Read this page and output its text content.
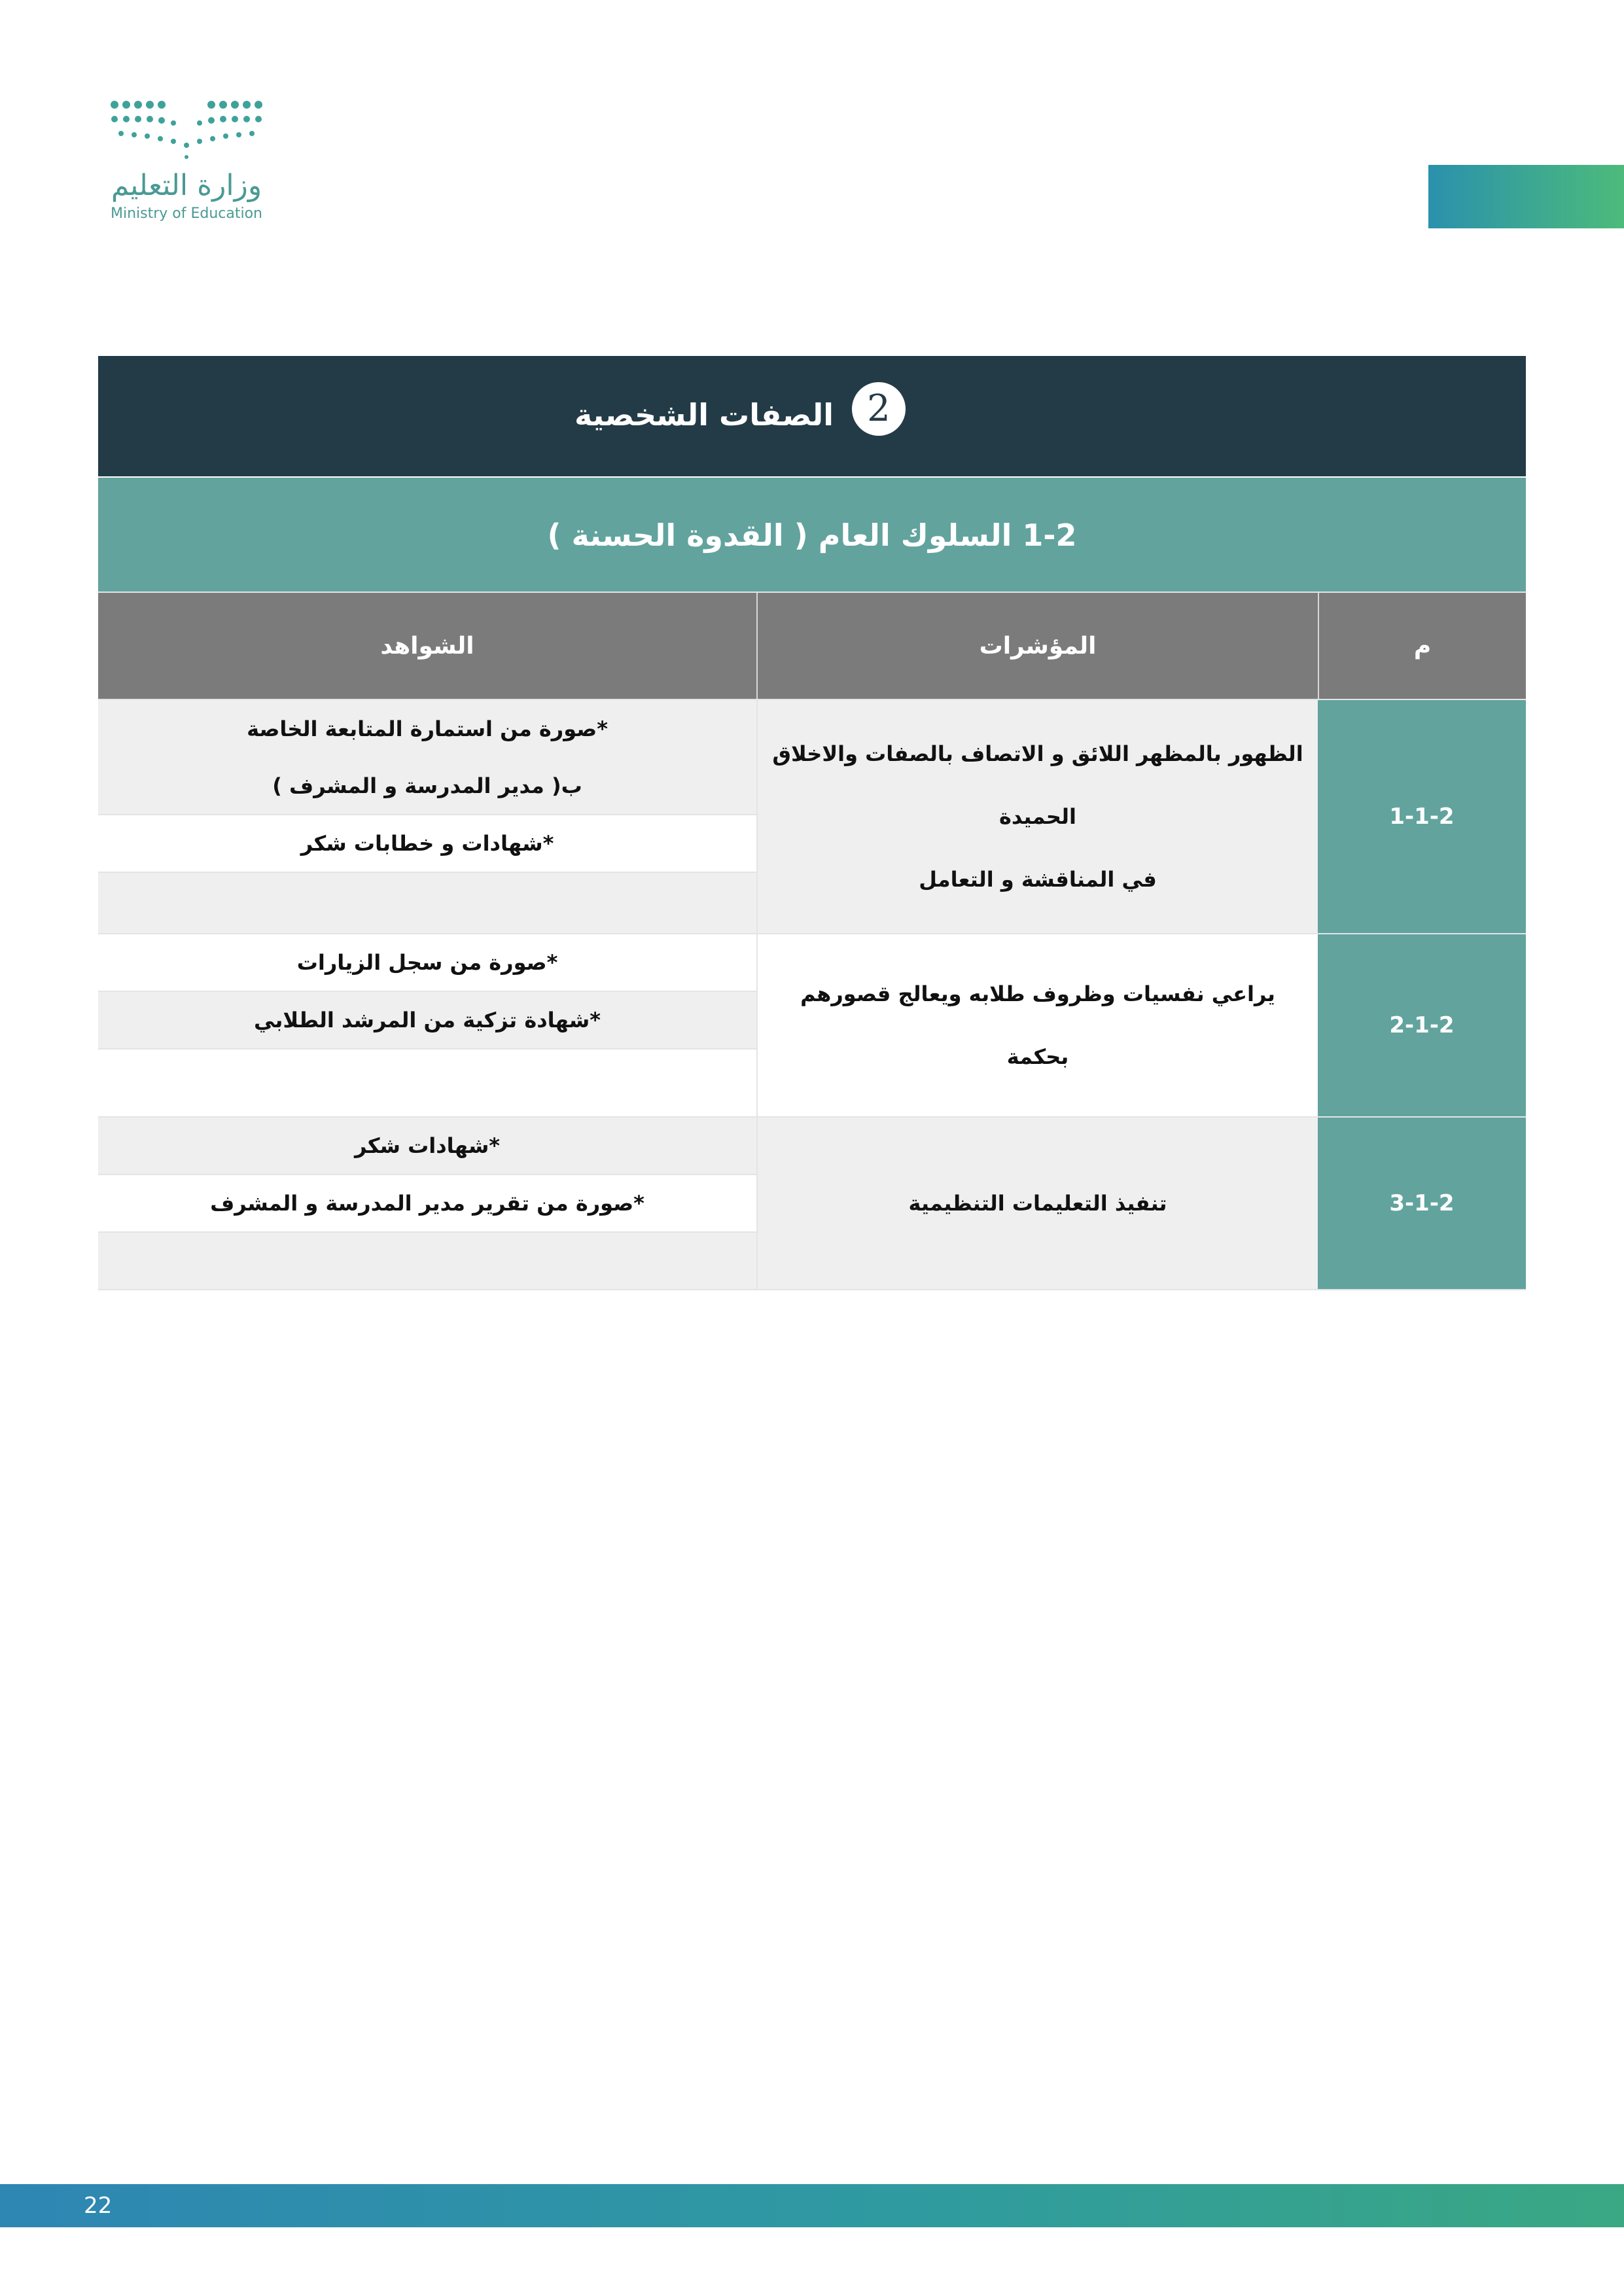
وزارة التعليم
Ministry of Education
الصفات الشخصية 2
1-2 السلوك العام ( القدوة الحسنة )
م
المؤشرات
الشواهد
1-1-2
الظهور بالمظهر اللائق و الاتصاف بالصفات والاخلاق الحميدة
في المناقشة و التعامل
*صورة من استمارة المتابعة الخاصة
ب( مدير المدرسة و المشرف )
*شهادات و خطابات شكر
2-1-2
يراعي نفسيات وظروف طلابه ويعالج قصورهم
بحكمة
*صورة من سجل الزيارات
*شهادة تزكية من المرشد الطلابي
3-1-2
تنفيذ التعليمات التنظيمية
*شهادات شكر
*صورة من تقرير مدير المدرسة و المشرف
22
